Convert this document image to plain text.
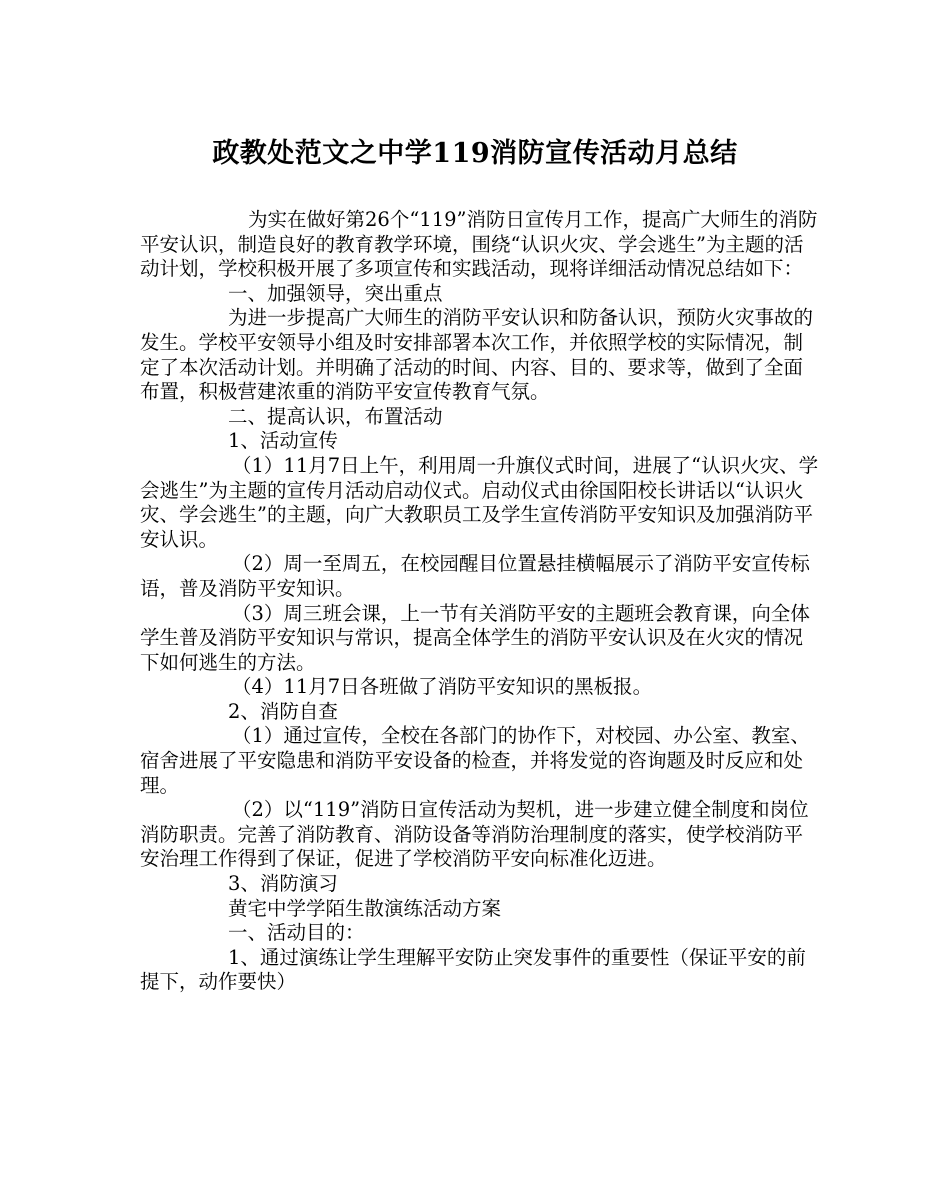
政教处范文之中学119消防宣传活动月总结

为实在做好第26个“119”消防日宣传月工作，提高广大师生的消防平安认识，制造良好的教育教学环境，围绕“认识火灾、学会逃生”为主题的活动计划，学校积极开展了多项宣传和实践活动，现将详细活动情况总结如下：

一、加强领导，突出重点

为进一步提高广大师生的消防平安认识和防备认识，预防火灾事故的发生。学校平安领导小组及时安排部署本次工作，并依照学校的实际情况，制定了本次活动计划。并明确了活动的时间、内容、目的、要求等，做到了全面布置，积极营建浓重的消防平安宣传教育气氛。

二、提高认识，布置活动

1、活动宣传

（1）11月7日上午，利用周一升旗仪式时间，进展了“认识火灾、学会逃生”为主题的宣传月活动启动仪式。启动仪式由徐国阳校长讲话以“认识火灾、学会逃生”的主题，向广大教职员工及学生宣传消防平安知识及加强消防平安认识。

（2）周一至周五，在校园醒目位置悬挂横幅展示了消防平安宣传标语，普及消防平安知识。

（3）周三班会课，上一节有关消防平安的主题班会教育课，向全体学生普及消防平安知识与常识，提高全体学生的消防平安认识及在火灾的情况下如何逃生的方法。

（4）11月7日各班做了消防平安知识的黑板报。

2、消防自查

（1）通过宣传，全校在各部门的协作下，对校园、办公室、教室、宿舍进展了平安隐患和消防平安设备的检查，并将发觉的咨询题及时反应和处理。

（2）以“119”消防日宣传活动为契机，进一步建立健全制度和岗位消防职责。完善了消防教育、消防设备等消防治理制度的落实，使学校消防平安治理工作得到了保证，促进了学校消防平安向标准化迈进。

3、消防演习

黄宅中学学陌生散演练活动方案

一、活动目的：

1、通过演练让学生理解平安防止突发事件的重要性（保证平安的前提下，动作要快）
